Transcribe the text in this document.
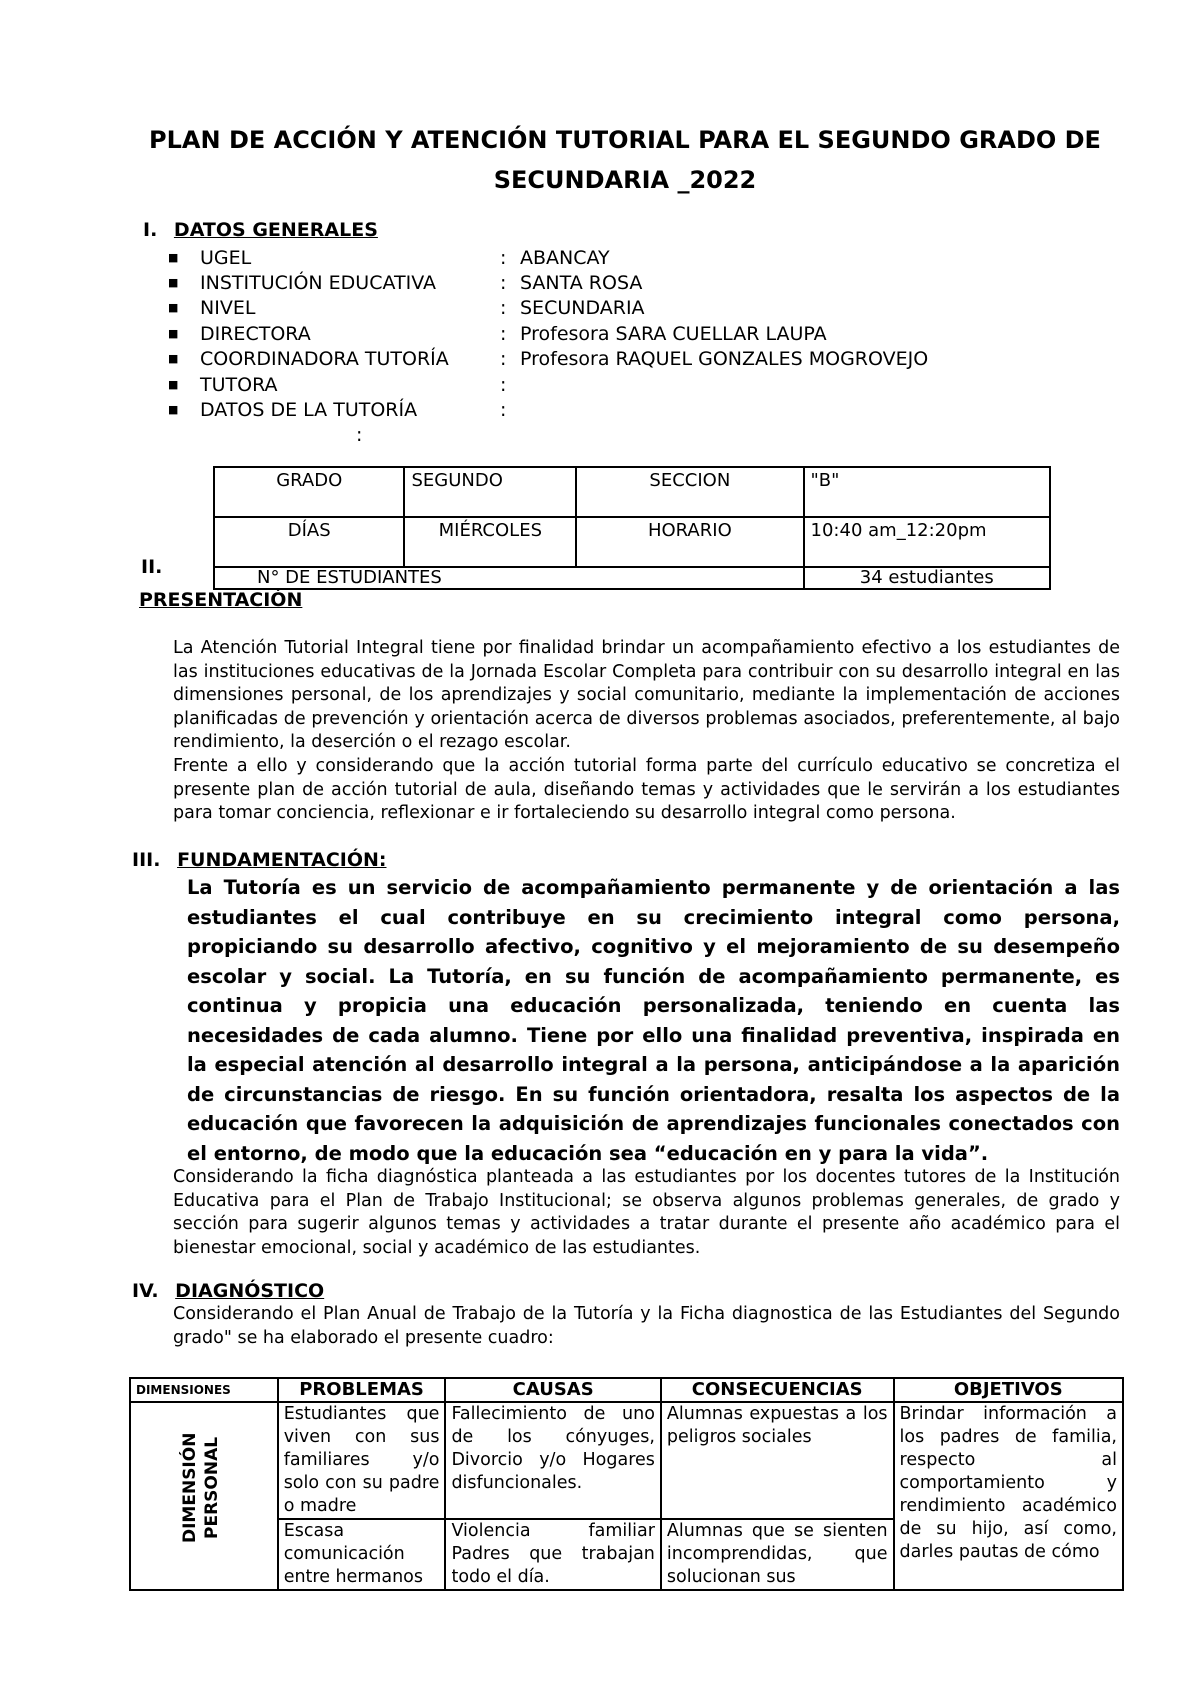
PLAN DE ACCIÓN Y ATENCIÓN TUTORIAL PARA EL SEGUNDO GRADO DE
SECUNDARIA _2022
I. DATOS GENERALES
■	UGEL	: ABANCAY
■	INSTITUCIÓN EDUCATIVA	: SANTA ROSA
■	NIVEL	: SECUNDARIA
■	DIRECTORA	: Profesora SARA CUELLAR LAUPA
■	COORDINADORA TUTORÍA	: Profesora RAQUEL GONZALES MOGROVEJO
■	TUTORA	:
■	DATOS DE LA TUTORÍA	:
:
GRADO	SEGUNDO	SECCION	"B"
DÍAS	MIÉRCOLES	HORARIO	10:40 am_12:20pm
N° DE ESTUDIANTES			34 estudiantes
II.
PRESENTACIÓN
La Atención Tutorial Integral tiene por finalidad brindar un acompañamiento efectivo a los estudiantes de las instituciones educativas de la Jornada Escolar Completa para contribuir con su desarrollo integral en las dimensiones personal, de los aprendizajes y social comunitario, mediante la implementación de acciones planificadas de prevención y orientación acerca de diversos problemas asociados, preferentemente, al bajo rendimiento, la deserción o el rezago escolar.
Frente a ello y considerando que la acción tutorial forma parte del currículo educativo se concretiza el presente plan de acción tutorial de aula, diseñando temas y actividades que le servirán a los estudiantes para tomar conciencia, reflexionar e ir fortaleciendo su desarrollo integral como persona.
III. FUNDAMENTACIÓN:
La Tutoría es un servicio de acompañamiento permanente y de orientación a las estudiantes el cual contribuye en su crecimiento integral como persona, propiciando su desarrollo afectivo, cognitivo y el mejoramiento de su desempeño escolar y social. La Tutoría, en su función de acompañamiento permanente, es continua y propicia una educación personalizada, teniendo en cuenta las necesidades de cada alumno. Tiene por ello una finalidad preventiva, inspirada en la especial atención al desarrollo integral a la persona, anticipándose a la aparición de circunstancias de riesgo. En su función orientadora, resalta los aspectos de la educación que favorecen la adquisición de aprendizajes funcionales conectados con el entorno, de modo que la educación sea “educación en y para la vida”.
Considerando la ficha diagnóstica planteada a las estudiantes por los docentes tutores de la Institución Educativa para el Plan de Trabajo Institucional; se observa algunos problemas generales, de grado y sección para sugerir algunos temas y actividades a tratar durante el presente año académico para el bienestar emocional, social y académico de las estudiantes.
IV. DIAGNÓSTICO
Considerando el Plan Anual de Trabajo de la Tutoría y la Ficha diagnostica de las Estudiantes del Segundo grado" se ha elaborado el presente cuadro:
DIMENSIONES	PROBLEMAS	CAUSAS	CONSECUENCIAS	OBJETIVOS

DIMENSIÓN PERSONAL	Estudiantes que viven con sus familiares y/o solo con su padre o madre	Fallecimiento de uno de los cónyuges, Divorcio y/o Hogares disfuncionales.	Alumnas expuestas a los peligros sociales	Brindar información a los padres de familia, respecto al comportamiento y rendimiento académico de su hijo, así como, darles pautas de cómo
	Escasa comunicación entre hermanos	Violencia familiar Padres que trabajan todo el día.	Alumnas que se sienten incomprendidas, que solucionan sus	
